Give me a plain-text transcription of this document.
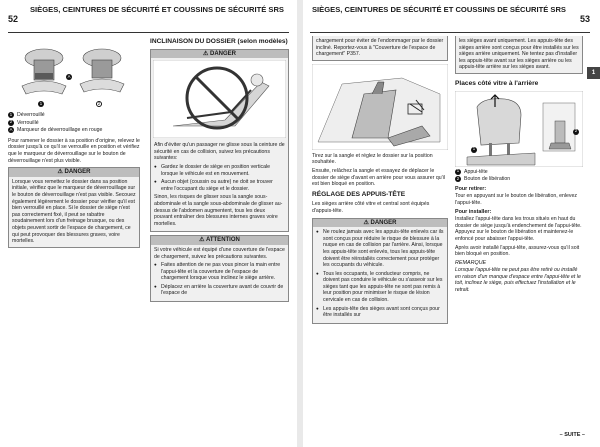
52
SIÈGES, CEINTURES DE SÉCURITÉ ET COUSSINS DE SÉCURITÉ SRS
A
1	2
1 Déverrouillé
2 Verrouillé
A Marqueur de déverrouillage en rouge

Pour ramener le dossier à sa position d'origine, relevez le dossier jusqu'à ce qu'il se verrouille en position et vérifiez que le marqueur de déverrouillage sur le bouton de déverrouillage n'est plus visible.

⚠ DANGER
Lorsque vous remettez le dossier dans sa position initiale, vérifiez que le marqueur de déverrouillage sur le bouton de déverrouillage n'est pas visible. Secouez également légèrement le dossier pour vérifier qu'il est bien verrouillé en place. Si le dossier de siège n'est pas correctement fixé, il peut se rabattre soudainement lors d'un freinage brusque, ou des objets peuvent sortir de l'espace de chargement, ce qui peut provoquer des blessures graves, voire mortelles.
INCLINAISON DU DOSSIER (selon modèles)
⚠ DANGER

Afin d'éviter qu'un passager ne glisse sous la ceinture de sécurité en cas de collision, suivez les précautions suivantes:

● Gardez le dossier de siège en position verticale lorsque le véhicule est en mouvement.
● Aucun objet (coussin ou autre) ne doit se trouver entre l'occupant du siège et le dossier.

Sinon, les risques de glisser sous la sangle sous-abdominale et la sangle sous-abdominale de glisser au-dessus de l'abdomen augmentent, tous les deux pouvant entraîner des blessures internes graves voire mortelles.

⚠ ATTENTION

Si votre véhicule est équipé d'une couverture de l'espace de chargement, suivez les précautions suivantes.

● Faites attention de ne pas vous pincer la main entre l'appui-tête et la couverture de l'espace de chargement lorsque vous inclinez le siège arrière.
● Déplacez en arrière la couverture avant de couvrir de l'espace de
SIÈGES, CEINTURES DE SÉCURITÉ ET COUSSINS DE SÉCURITÉ SRS
53
chargement pour éviter de l'endommager par le dossier incliné. Reportez-vous à "Couverture de l'espace de chargement" P357.

Tirez sur la sangle et réglez le dossier sur la position souhaitée.

Ensuite, relâchez la sangle et essayez de déplacer le dossier de siège d'avant en arrière pour vous assurer qu'il est bien bloqué en position.

RÉGLAGE DES APPUIS-TÊTE

Les sièges arrière côté vitre et central sont équipés d'appuis-tête.

⚠ DANGER
● Ne roulez jamais avec les appuis-tête enlevés car ils sont conçus pour réduire le risque de blessure à la nuque en cas de collision par l'arrière. Ainsi, lorsque les appuis-tête sont enlevés, tous les appuis-tête doivent être réinstallés correctement pour protéger les occupants du véhicule.
● Tous les occupants, le conducteur compris, ne doivent pas conduire le véhicule ou s'asseoir sur les sièges tant que les appuis-tête ne sont pas remis à leur position pour minimiser le risque de lésion cervicale en cas de collision.
● Les appuis-tête des sièges avant sont conçus pour être installés sur
les sièges avant uniquement. Les appuis-tête des sièges arrière sont conçus pour être installés sur les sièges arrière uniquement. Ne tentez pas d'installer les appuis-tête avant sur les sièges arrière ou les appuis-tête arrière sur les sièges avant.
Places côté vitre à l'arrière
1
2
1 Appui-tête
2 Bouton de libération
Pour retirer:

Tour en appuyant sur le bouton de libération, enlevez l'appui-tête.

Pour installer:

Installez l'appui-tête dans les trous situés en haut du dossier de siège jusqu'à endenchement de l'appui-tête. Appuyez sur le bouton de libération et maintenez-le enfoncé pour abaisser l'appui-tête.

Après avoir installé l'appui-tête, assurez-vous qu'il soit bien bloqué en position.

REMARQUE

Lorsque l'appui-tête ne peut pas être retiré ou installé en raison d'un manque d'espace entre l'appui-tête et le toit, inclinez le siège, puis effectuez l'installation et le retrait.

– SUITE –
1
